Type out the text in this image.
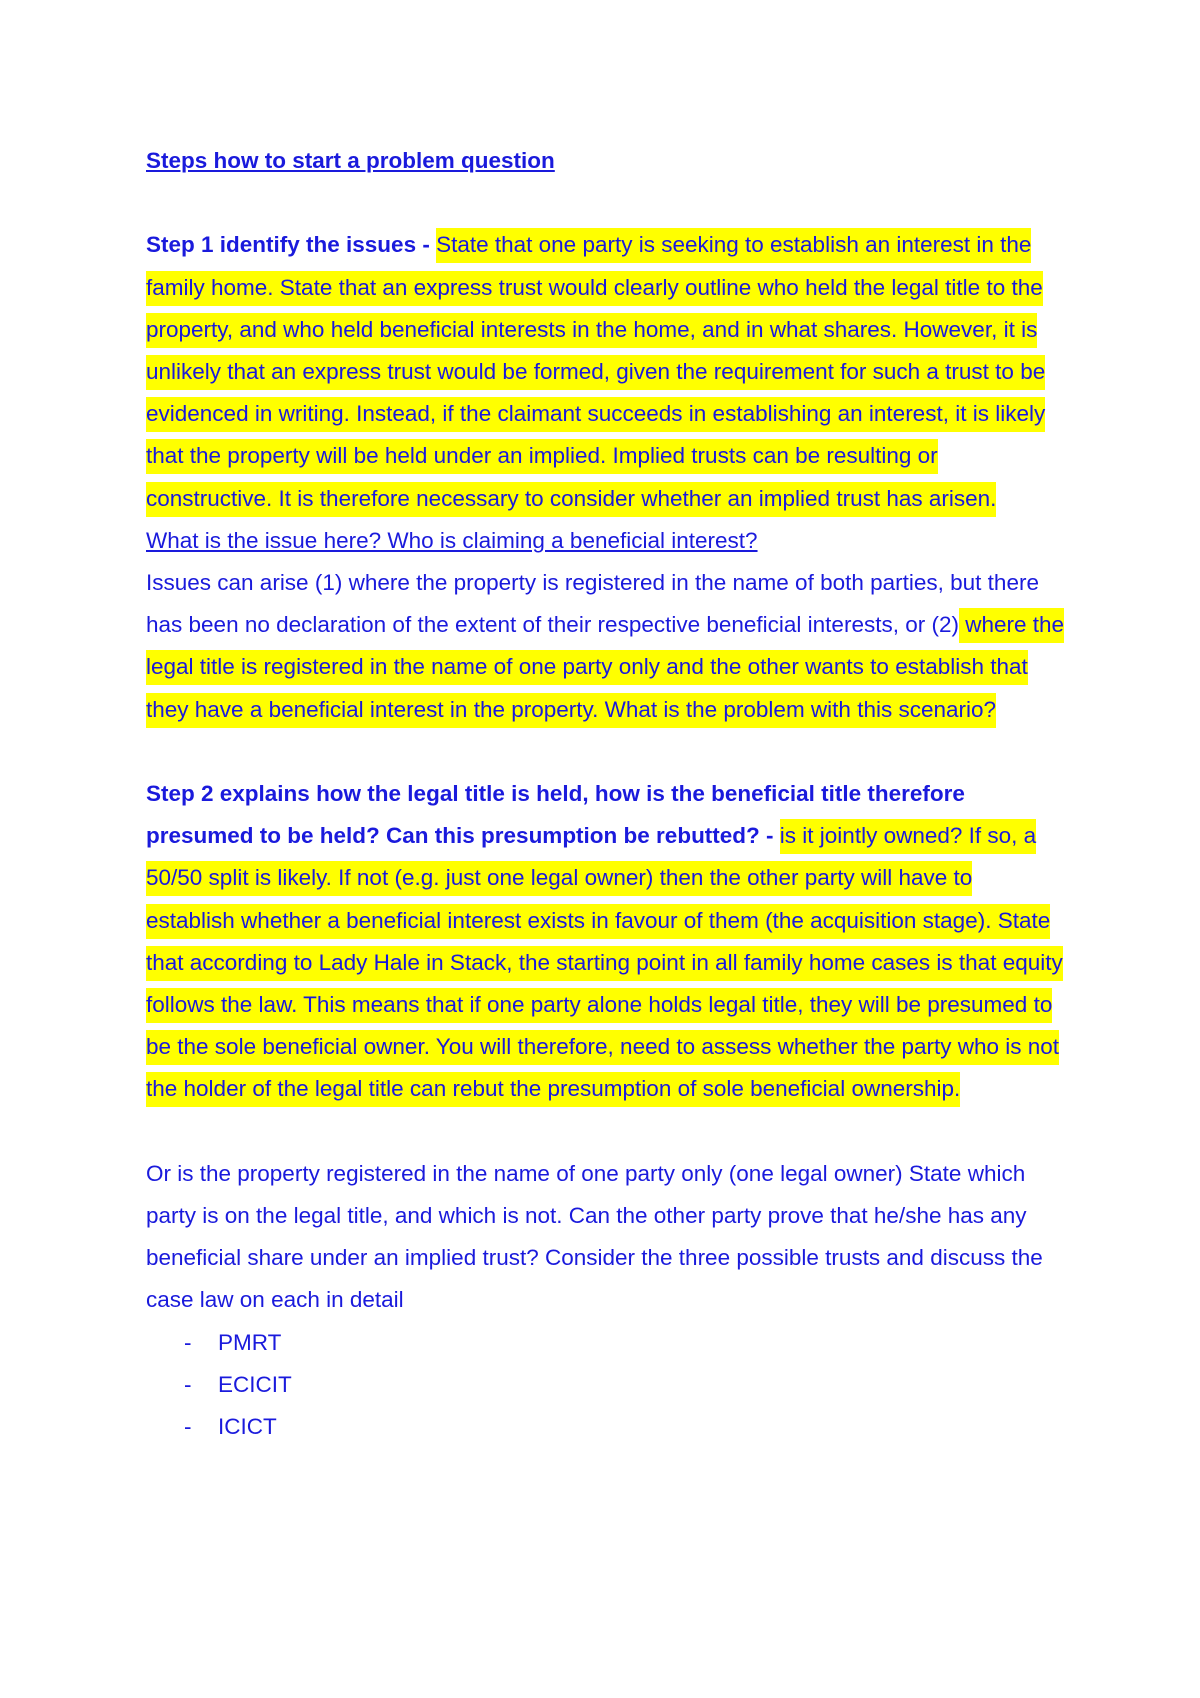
Steps how to start a problem question

Step 1 identify the issues - State that one party is seeking to establish an interest in the family home. State that an express trust would clearly outline who held the legal title to the property, and who held beneficial interests in the home, and in what shares. However, it is unlikely that an express trust would be formed, given the requirement for such a trust to be evidenced in writing. Instead, if the claimant succeeds in establishing an interest, it is likely that the property will be held under an implied. Implied trusts can be resulting or constructive. It is therefore necessary to consider whether an implied trust has arisen.

What is the issue here? Who is claiming a beneficial interest?

Issues can arise (1) where the property is registered in the name of both parties, but there has been no declaration of the extent of their respective beneficial interests, or (2) where the legal title is registered in the name of one party only and the other wants to establish that they have a beneficial interest in the property. What is the problem with this scenario?

Step 2 explains how the legal title is held, how is the beneficial title therefore presumed to be held? Can this presumption be rebutted? - is it jointly owned? If so, a 50/50 split is likely. If not (e.g. just one legal owner) then the other party will have to establish whether a beneficial interest exists in favour of them (the acquisition stage). State that according to Lady Hale in Stack, the starting point in all family home cases is that equity follows the law. This means that if one party alone holds legal title, they will be presumed to be the sole beneficial owner. You will therefore, need to assess whether the party who is not the holder of the legal title can rebut the presumption of sole beneficial ownership.

Or is the property registered in the name of one party only (one legal owner) State which party is on the legal title, and which is not. Can the other party prove that he/she has any beneficial share under an implied trust? Consider the three possible trusts and discuss the case law on each in detail

- PMRT
- ECICIT
- ICICT
